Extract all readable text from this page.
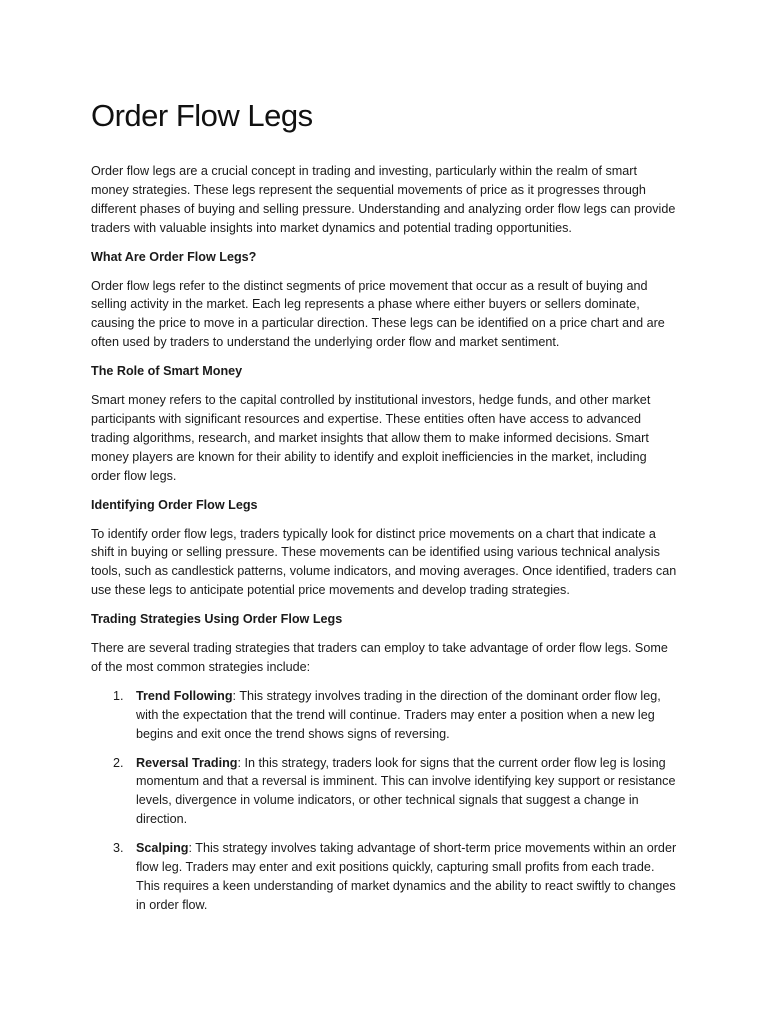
Order Flow Legs

Order flow legs are a crucial concept in trading and investing, particularly within the realm of smart money strategies. These legs represent the sequential movements of price as it progresses through different phases of buying and selling pressure. Understanding and analyzing order flow legs can provide traders with valuable insights into market dynamics and potential trading opportunities.

What Are Order Flow Legs?

Order flow legs refer to the distinct segments of price movement that occur as a result of buying and selling activity in the market. Each leg represents a phase where either buyers or sellers dominate, causing the price to move in a particular direction. These legs can be identified on a price chart and are often used by traders to understand the underlying order flow and market sentiment.

The Role of Smart Money

Smart money refers to the capital controlled by institutional investors, hedge funds, and other market participants with significant resources and expertise. These entities often have access to advanced trading algorithms, research, and market insights that allow them to make informed decisions. Smart money players are known for their ability to identify and exploit inefficiencies in the market, including order flow legs.

Identifying Order Flow Legs

To identify order flow legs, traders typically look for distinct price movements on a chart that indicate a shift in buying or selling pressure. These movements can be identified using various technical analysis tools, such as candlestick patterns, volume indicators, and moving averages. Once identified, traders can use these legs to anticipate potential price movements and develop trading strategies.

Trading Strategies Using Order Flow Legs

There are several trading strategies that traders can employ to take advantage of order flow legs. Some of the most common strategies include:

1. Trend Following: This strategy involves trading in the direction of the dominant order flow leg, with the expectation that the trend will continue. Traders may enter a position when a new leg begins and exit once the trend shows signs of reversing.
2. Reversal Trading: In this strategy, traders look for signs that the current order flow leg is losing momentum and that a reversal is imminent. This can involve identifying key support or resistance levels, divergence in volume indicators, or other technical signals that suggest a change in direction.
3. Scalping: This strategy involves taking advantage of short-term price movements within an order flow leg. Traders may enter and exit positions quickly, capturing small profits from each trade. This requires a keen understanding of market dynamics and the ability to react swiftly to changes in order flow.
